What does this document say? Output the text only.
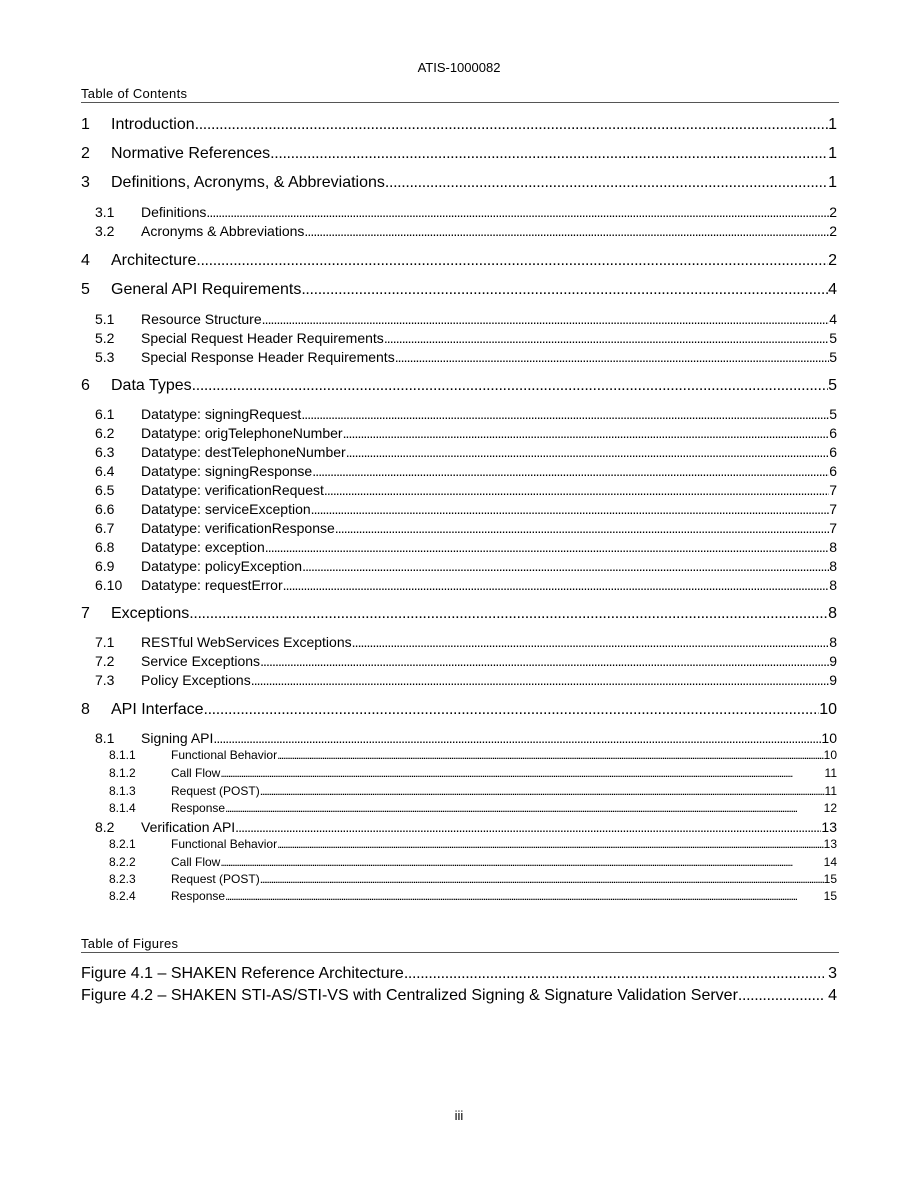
ATIS-1000082
Table of Contents
1	Introduction . . .	1
2	Normative References . . .	1
3	Definitions, Acronyms, & Abbreviations . . .	1
3.1	Definitions . . .	2
3.2	Acronyms & Abbreviations . . .	2
4	Architecture . . .	2
5	General API Requirements . . .	4
5.1	Resource Structure . . .	4
5.2	Special Request Header Requirements . . .	5
5.3	Special Response Header Requirements . . .	5
6	Data Types . . .	5
6.1	Datatype: signingRequest . . .	5
6.2	Datatype: origTelephoneNumber . . .	6
6.3	Datatype: destTelephoneNumber . . .	6
6.4	Datatype: signingResponse . . .	6
6.5	Datatype: verificationRequest . . .	7
6.6	Datatype: serviceException . . .	7
6.7	Datatype: verificationResponse . . .	7
6.8	Datatype: exception . . .	8
6.9	Datatype: policyException . . .	8
6.10	Datatype: requestError . . .	8
7	Exceptions . . .	8
7.1	RESTful WebServices Exceptions . . .	8
7.2	Service Exceptions . . .	9
7.3	Policy Exceptions . . .	9
8	API Interface . . .	10
8.1	Signing API . . .	10
8.1.1	Functional Behavior . . .	10
8.1.2	Call Flow . . .	11
8.1.3	Request (POST) . . .	11
8.1.4	Response . . .	12
8.2	Verification API . . .	13
8.2.1	Functional Behavior . . .	13
8.2.2	Call Flow . . .	14
8.2.3	Request (POST) . . .	15
8.2.4	Response . . .	15
Table of Figures
Figure 4.1 – SHAKEN Reference Architecture . . .	3
Figure 4.2 – SHAKEN STI-AS/STI-VS with Centralized Signing & Signature Validation Server . . .	4
iii
